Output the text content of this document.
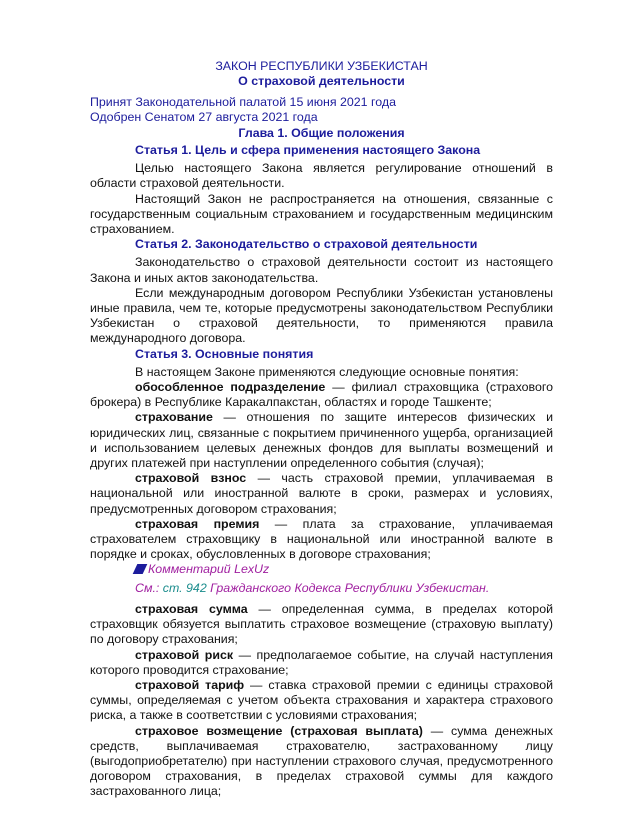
ЗАКОН РЕСПУБЛИКИ УЗБЕКИСТАН
О страховой деятельности
Принят Законодательной палатой 15 июня 2021 года
Одобрен Сенатом 27 августа 2021 года
Глава 1. Общие положения
Статья 1. Цель и сфера применения настоящего Закона

Целью настоящего Закона является регулирование отношений в области страховой деятельности.

Настоящий Закон не распространяется на отношения, связанные с государственным социальным страхованием и государственным медицинским страхованием.

Статья 2. Законодательство о страховой деятельности

Законодательство о страховой деятельности состоит из настоящего Закона и иных актов законодательства.

Если международным договором Республики Узбекистан установлены иные правила, чем те, которые предусмотрены законодательством Республики Узбекистан о страховой деятельности, то применяются правила международного договора.

Статья 3. Основные понятия

В настоящем Законе применяются следующие основные понятия:

обособленное подразделение — филиал страховщика (страхового брокера) в Республике Каракалпакстан, областях и городе Ташкенте;

страхование — отношения по защите интересов физических и юридических лиц, связанные с покрытием причиненного ущерба, организацией и использованием целевых денежных фондов для выплаты возмещений и других платежей при наступлении определенного события (случая);

страховой взнос — часть страховой премии, уплачиваемая в национальной или иностранной валюте в сроки, размерах и условиях, предусмотренных договором страхования;

страховая премия — плата за страхование, уплачиваемая страхователем страховщику в национальной или иностранной валюте в порядке и сроках, обусловленных в договоре страхования;

Комментарий LexUz
См.: ст. 942 Гражданского Кодекса Республики Узбекистан.

страховая сумма — определенная сумма, в пределах которой страховщик обязуется выплатить страховое возмещение (страховую выплату) по договору страхования;

страховой риск — предполагаемое событие, на случай наступления которого проводится страхование;

страховой тариф — ставка страховой премии с единицы страховой суммы, определяемая с учетом объекта страхования и характера страхового риска, а также в соответствии с условиями страхования;

страховое возмещение (страховая выплата) — сумма денежных средств, выплачиваемая страхователю, застрахованному лицу (выгодоприобретателю) при наступлении страхового случая, предусмотренного договором страхования, в пределах страховой суммы для каждого застрахованного лица;
